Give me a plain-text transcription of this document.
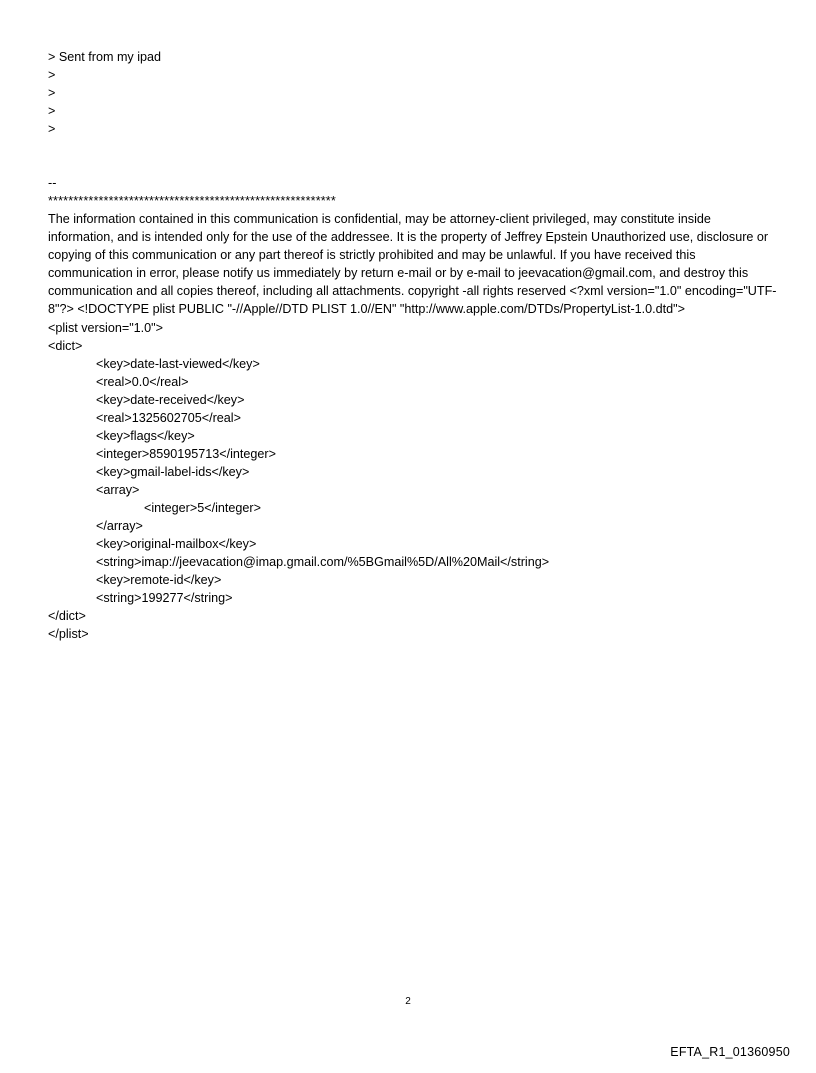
> Sent from my ipad
>
>
>
>
--
*********************************************************
The information contained in this communication is confidential, may be attorney-client privileged, may constitute inside information, and is intended only for the use of the addressee. It is the property of Jeffrey Epstein Unauthorized use, disclosure or copying of this communication or any part thereof is strictly prohibited and may be unlawful. If you have received this communication in error, please notify us immediately by return e-mail or by e-mail to jeevacation@gmail.com, and destroy this communication and all copies thereof, including all attachments. copyright -all rights reserved <?xml version="1.0" encoding="UTF-8"?> <!DOCTYPE plist PUBLIC "-//Apple//DTD PLIST 1.0//EN" "http://www.apple.com/DTDs/PropertyList-1.0.dtd">
<plist version="1.0">
<dict>
<key>date-last-viewed</key>
<real>0.0</real>
<key>date-received</key>
<real>1325602705</real>
<key>flags</key>
<integer>8590195713</integer>
<key>gmail-label-ids</key>
<array>
<integer>5</integer>
</array>
<key>original-mailbox</key>
<string>imap://jeevacation@imap.gmail.com/%5BGmail%5D/All%20Mail</string>
<key>remote-id</key>
<string>199277</string>
</dict>
</plist>
2
EFTA_R1_01360950
